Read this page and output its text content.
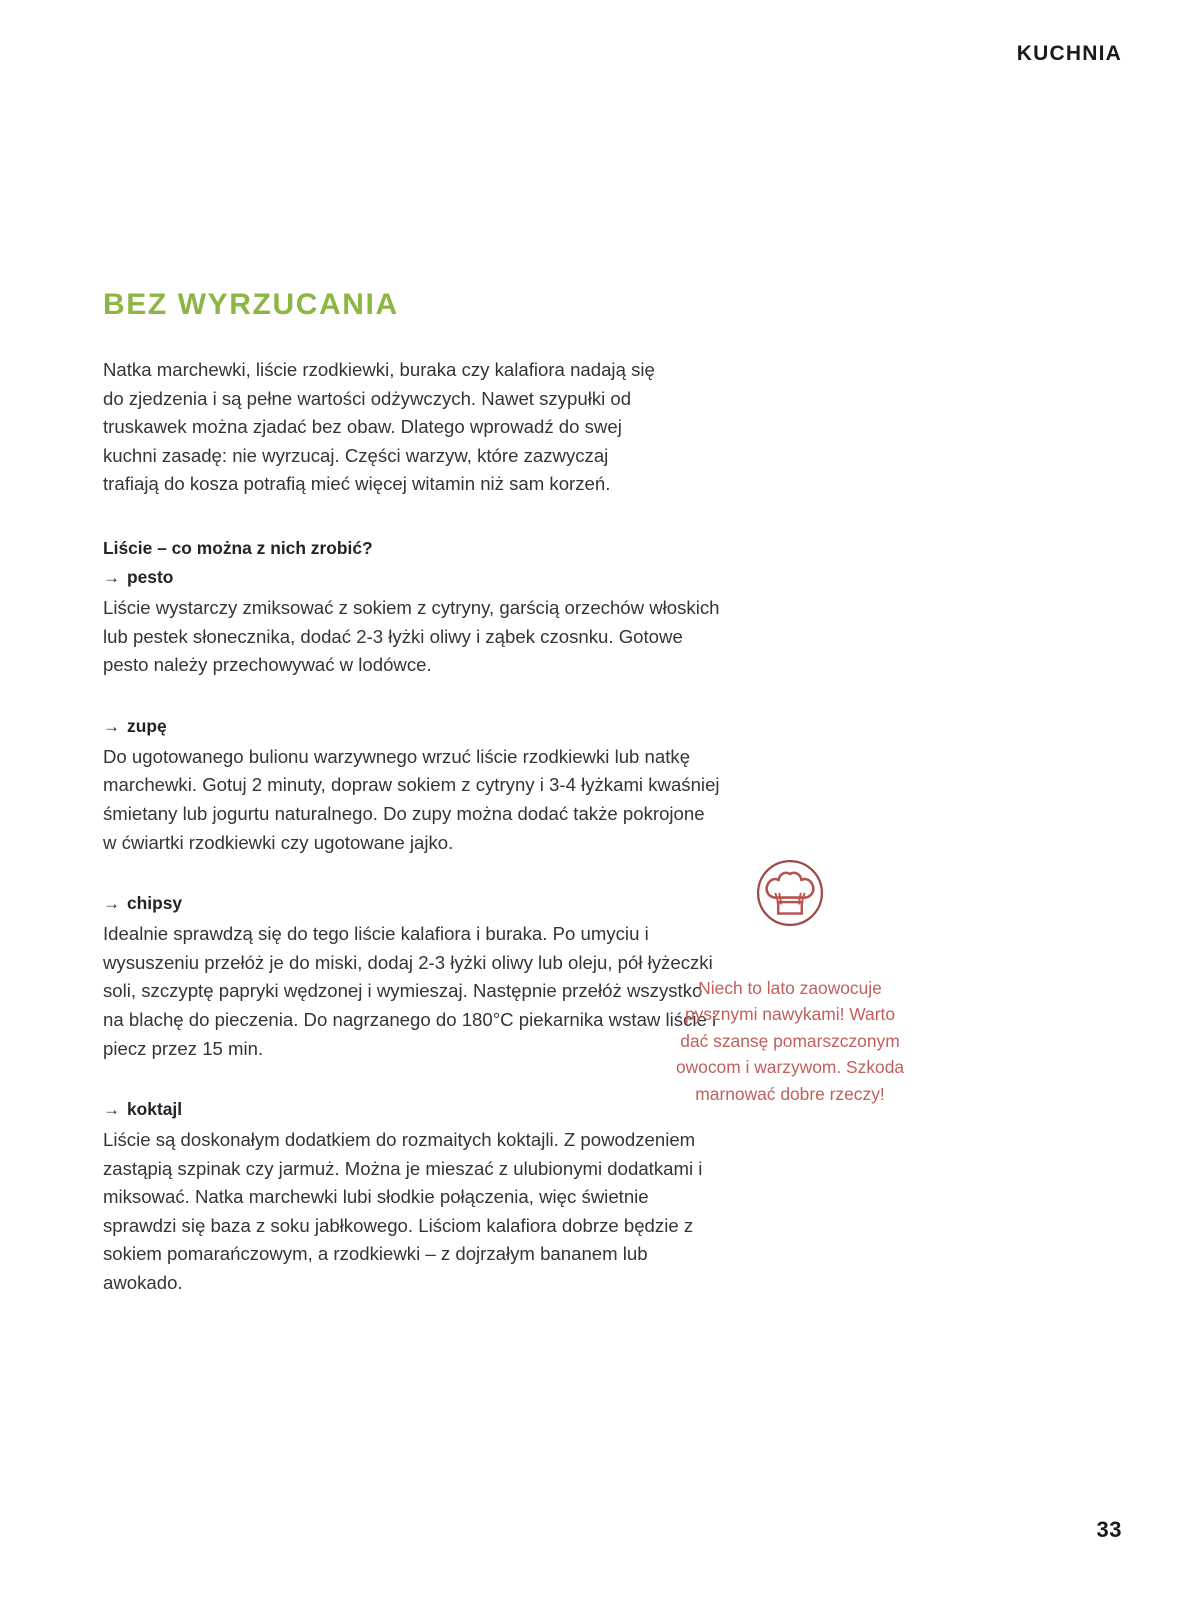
KUCHNIA
BEZ WYRZUCANIA

Natka marchewki, liście rzodkiewki, buraka czy kalafiora nadają się do zjedzenia i są pełne wartości odżywczych. Nawet szypułki od truskawek można zjadać bez obaw. Dlatego wprowadź do swej kuchni zasadę: nie wyrzucaj. Części warzyw, które zazwyczaj trafiają do kosza potrafią mieć więcej witamin niż sam korzeń.

Liście – co można z nich zrobić?
→ pesto

Liście wystarczy zmiksować z sokiem z cytryny, garścią orzechów włoskich lub pestek słonecznika, dodać 2-3 łyżki oliwy i ząbek czosnku. Gotowe pesto należy przechowywać w lodówce.

→ zupę

Do ugotowanego bulionu warzywnego wrzuć liście rzodkiewki lub natkę marchewki. Gotuj 2 minuty, dopraw sokiem z cytryny i 3-4 łyżkami kwaśniej śmietany lub jogurtu naturalnego. Do zupy można dodać także pokrojone w ćwiartki rzodkiewki czy ugotowane jajko.

→ chipsy

Idealnie sprawdzą się do tego liście kalafiora i buraka. Po umyciu i wysuszeniu przełóż je do miski, dodaj 2-3 łyżki oliwy lub oleju, pół łyżeczki soli, szczyptę papryki wędzonej i wymieszaj. Następnie przełóż wszystko na blachę do pieczenia. Do nagrzanego do 180°C piekarnika wstaw liście i piecz przez 15 min.

→ koktajl

Liście są doskonałym dodatkiem do rozmaitych koktajli. Z powodzeniem zastąpią szpinak czy jarmuż. Można je mieszać z ulubionymi dodatkami i miksować. Natka marchewki lubi słodkie połączenia, więc świetnie sprawdzi się baza z soku jabłkowego. Liściom kalafiora dobrze będzie z sokiem pomarańczowym, a rzodkiewki – z dojrzałym bananem lub awokado.

Niech to lato zaowocuje pysznymi nawykami! Warto dać szansę pomarszczonym owocom i warzywom. Szkoda marnować dobre rzeczy!

33
